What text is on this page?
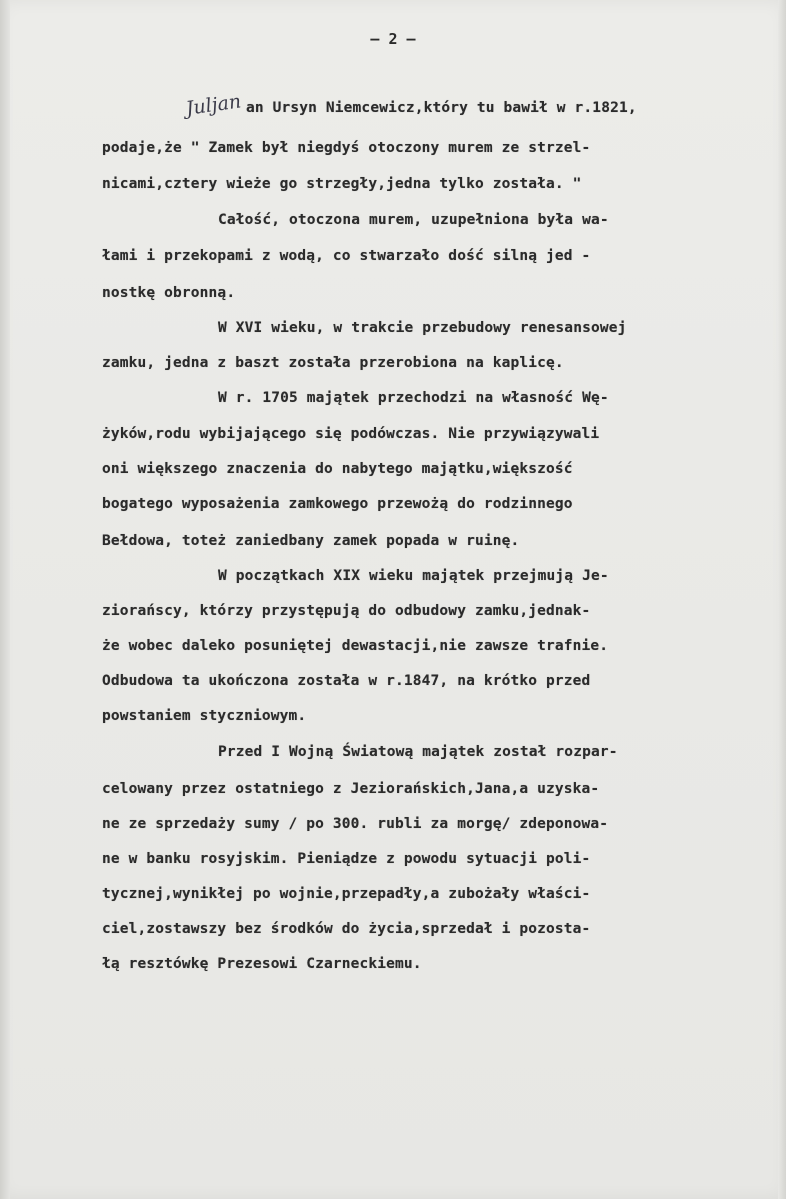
— 2 —
Juljan an Ursyn Niemcewicz,który tu bawił w r.1821,
podaje,że " Zamek był niegdyś otoczony murem ze strzel-
nicami,cztery wieże go strzegły,jedna tylko została. "
Całość, otoczona murem, uzupełniona była wa-
łami i przekopami z wodą, co stwarzało dość silną jed -
nostkę obronną.
W XVI wieku, w trakcie przebudowy renesansowej
zamku, jedna z baszt została przerobiona na kaplicę.
W r. 1705 majątek przechodzi na własność Wę-
żyków,rodu wybijającego się podówczas. Nie przywiązywali
oni większego znaczenia do nabytego majątku,większość
bogatego wyposażenia zamkowego przewożą do rodzinnego
Bełdowa, toteż zaniedbany zamek popada w ruinę.
W początkach XIX wieku majątek przejmują Je-
ziorańscy, którzy przystępują do odbudowy zamku,jednak-
że wobec daleko posuniętej dewastacji,nie zawsze trafnie.
Odbudowa ta ukończona została w r.1847, na krótko przed
powstaniem styczniowym.
Przed I Wojną Światową majątek został rozpar-
celowany przez ostatniego z Jeziorańskich,Jana,a uzyska-
ne ze sprzedaży sumy / po 300. rubli za morgę/ zdeponowa-
ne w banku rosyjskim. Pieniądze z powodu sytuacji poli-
tycznej,wynikłej po wojnie,przepadły,a zubożały właści-
ciel,zostawszy bez środków do życia,sprzedał i pozosta-
łą resztówkę Prezesowi Czarneckiemu.
